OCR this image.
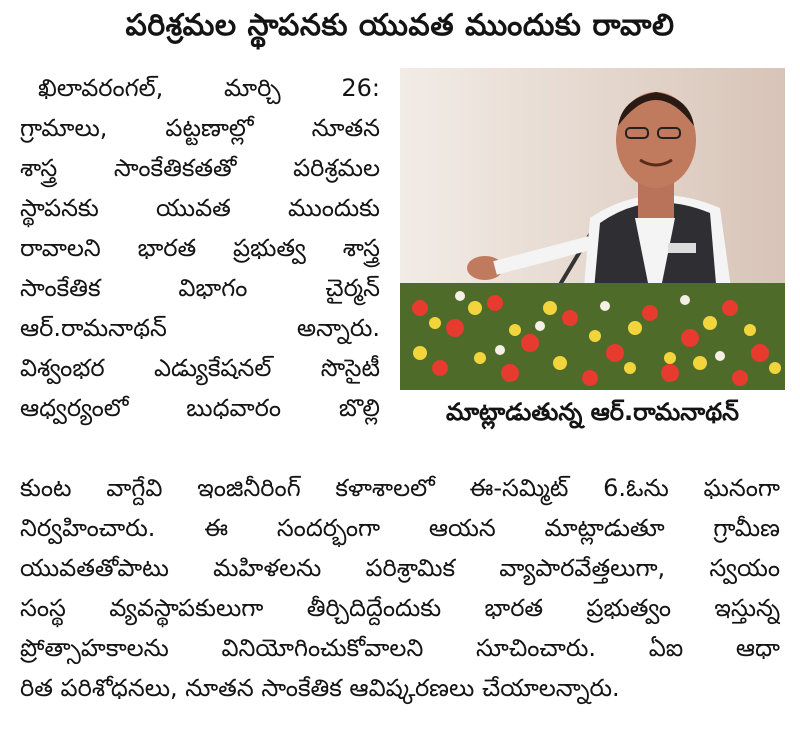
పరిశ్రమల స్థాపనకు యువత ముందుకు రావాలి
ఖిలావరంగల్, మార్చి 26:
గ్రామాలు, పట్టణాల్లో నూతన
శాస్త్ర సాంకేతికతతో పరిశ్రమల
స్థాపనకు యువత ముందుకు
రావాలని భారత ప్రభుత్వ శాస్త్ర
సాంకేతిక విభాగం చైర్మన్
ఆర్.రామనాథన్ అన్నారు.
విశ్వంభర ఎడ్యుకేషనల్ సొసైటీ
ఆధ్వర్యంలో బుధవారం బొల్లి	మాట్లాడుతున్న ఆర్.రామనాథన్
కుంట వాగ్దేవి ఇంజినీరింగ్ కళాశాలలో ఈ-సమ్మిట్ 6.ఓను ఘనంగా
నిర్వహించారు. ఈ సందర్భంగా ఆయన మాట్లాడుతూ గ్రామీణ
యువతతోపాటు మహిళలను పరిశ్రామిక వ్యాపారవేత్తలుగా, స్వయం
సంస్థ వ్యవస్థాపకులుగా తీర్చిదిద్దేందుకు భారత ప్రభుత్వం ఇస్తున్న
ప్రోత్సాహకాలను వినియోగించుకోవాలని సూచించారు. ఏఐ ఆధా
రిత పరిశోధనలు, నూతన సాంకేతిక ఆవిష్కరణలు చేయాలన్నారు.
